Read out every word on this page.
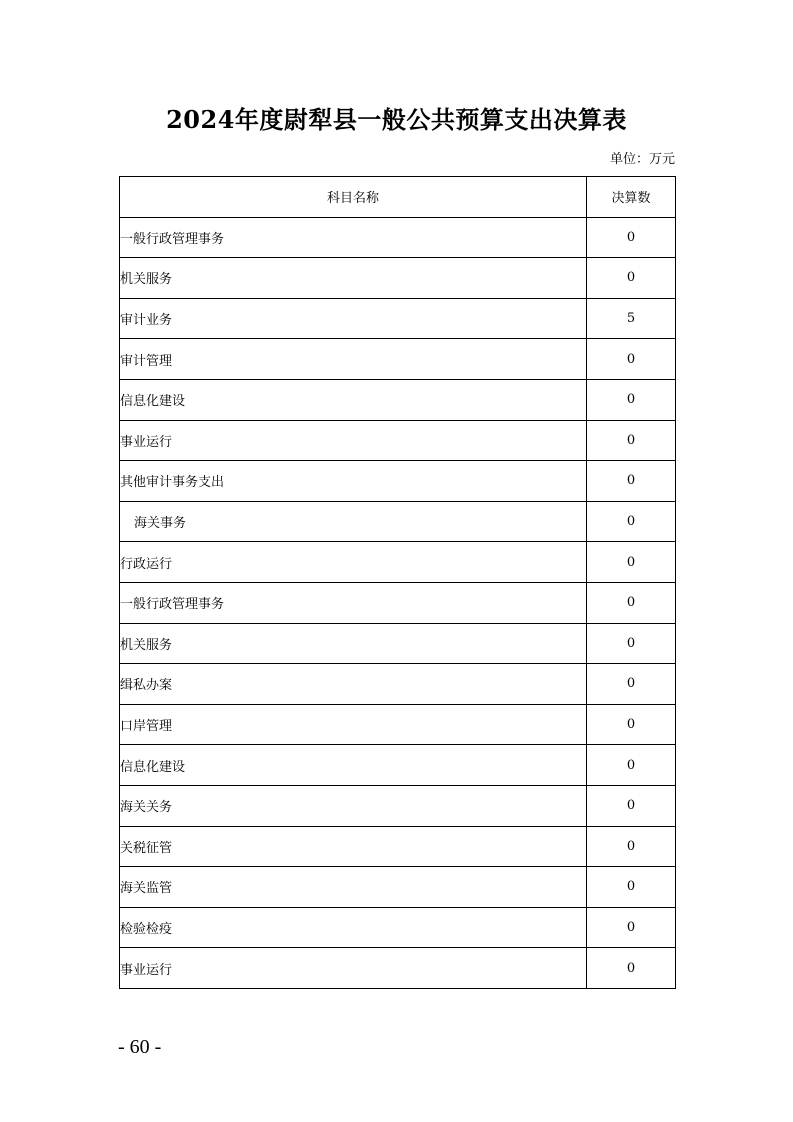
2024年度尉犁县一般公共预算支出决算表
单位：万元
科目名称	决算数
一般行政管理事务	0
机关服务	0
审计业务	5
审计管理	0
信息化建设	0
事业运行	0
其他审计事务支出	0
海关事务	0
行政运行	0
一般行政管理事务	0
机关服务	0
缉私办案	0
口岸管理	0
信息化建设	0
海关关务	0
关税征管	0
海关监管	0
检验检疫	0
事业运行	0
- 60 -
